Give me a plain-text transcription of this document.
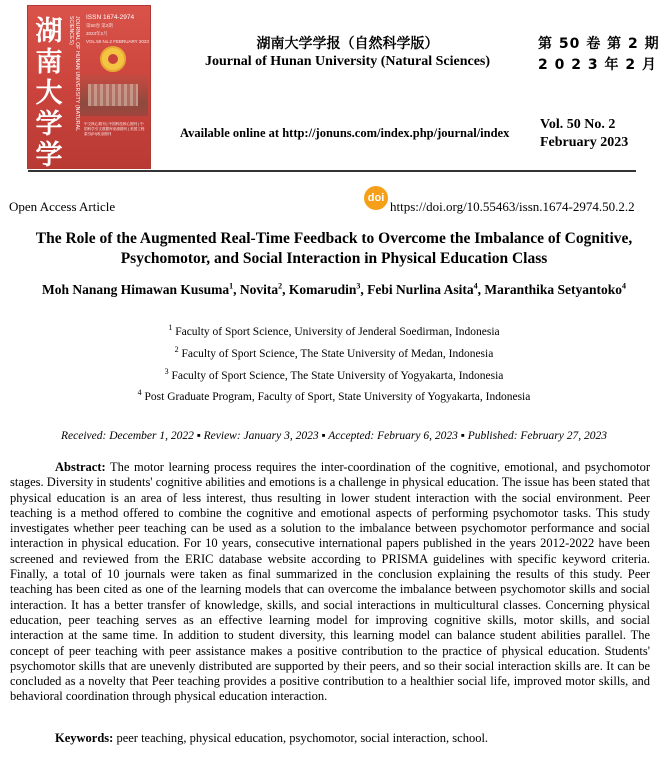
湖
南
大
学
学
JOURNAL OF HUNAN UNIVERSITY (NATURAL SCIENCES)	ISSN 1674-2974
第50卷 第2期
2023年2月
VOL.50 No.2 FEBRUARY 2023
中文核心期刊 | 中国科技核心期刊 | 中国科学引文数据库来源期刊 | 美国工程索引(EI)收录期刊
湖南大学学报（自然科学版）
Journal of Hunan University (Natural Sciences)
第 50 卷 第 2 期
2 0 2 3 年 2 月
Available online at http://jonuns.com/index.php/journal/index
Vol. 50 No. 2
February 2023
Open Access Article
doi
https://doi.org/10.55463/issn.1674-2974.50.2.2
The Role of the Augmented Real-Time Feedback to Overcome the Imbalance of Cognitive, Psychomotor, and Social Interaction in Physical Education Class
Moh Nanang Himawan Kusuma$^1$, Novita$^2$, Komarudin$^3$, Febi Nurlina Asita$^4$, Maranthika Setyantoko$^4$
$^1$ Faculty of Sport Science, University of Jenderal Soedirman, Indonesia
$^2$ Faculty of Sport Science, The State University of Medan, Indonesia
$^3$ Faculty of Sport Science, The State University of Yogyakarta, Indonesia
$^4$ Post Graduate Program, Faculty of Sport, State University of Yogyakarta, Indonesia
Received: December 1, 2022 ▪ Review: January 3, 2023 ▪ Accepted: February 6, 2023 ▪ Published: February 27, 2023

Abstract: The motor learning process requires the inter-coordination of the cognitive, emotional, and psychomotor stages. Diversity in students' cognitive abilities and emotions is a challenge in physical education. The issue has been stated that physical education is an area of less interest, thus resulting in lower student interaction with the social environment. Peer teaching is a method offered to combine the cognitive and emotional aspects of performing psychomotor tasks. This study investigates whether peer teaching can be used as a solution to the imbalance between psychomotor performance and social interaction in physical education. For 10 years, consecutive international papers published in the years 2012-2022 have been screened and reviewed from the ERIC database website according to PRISMA guidelines with specific keyword criteria. Finally, a total of 10 journals were taken as final summarized in the conclusion explaining the results of this study. Peer teaching has been cited as one of the learning models that can overcome the imbalance between psychomotor skills and social interaction. It has a better transfer of knowledge, skills, and social interactions in multicultural classes. Concerning physical education, peer teaching serves as an effective learning model for improving cognitive skills, motor skills, and social interaction at the same time. In addition to student diversity, this learning model can balance student abilities parallel. The concept of peer teaching with peer assistance makes a positive contribution to the practice of physical education. Students' psychomotor skills that are unevenly distributed are supported by their peers, and so their social interaction skills are. It can be concluded as a novelty that Peer teaching provides a positive contribution to a healthier social life, improved motor skills, and behavioral coordination through physical education interaction.

Keywords: peer teaching, physical education, psychomotor, social interaction, school.
